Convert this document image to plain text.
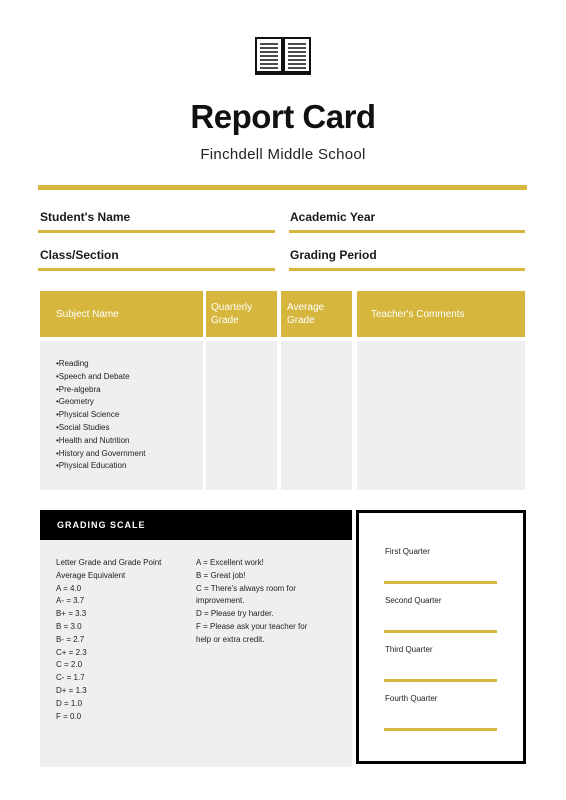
Report Card
Finchdell Middle School
Student's Name	Academic Year
Class/Section	Grading Period
Subject Name
Quarterly Grade
Average Grade
Teacher's Comments
•Reading
•Speech and Debate
•Pre-algebra
•Geometry
•Physical Science
•Social Studies
•Health and Nutrition
•History and Government
•Physical Education
GRADING SCALE

Letter Grade and Grade Point

Average Equivalent

A = 4.0

A- = 3.7

B+ = 3.3

B = 3.0

B- = 2.7

C+ = 2.3

C = 2.0

C- = 1.7

D+ = 1.3

D = 1.0

F = 0.0

A = Excellent work!

B = Great job!

C = There's always room for

improvement.

D = Please try harder.

F = Please ask your teacher for

help or extra credit.

First Quarter
Second Quarter
Third Quarter
Fourth Quarter
